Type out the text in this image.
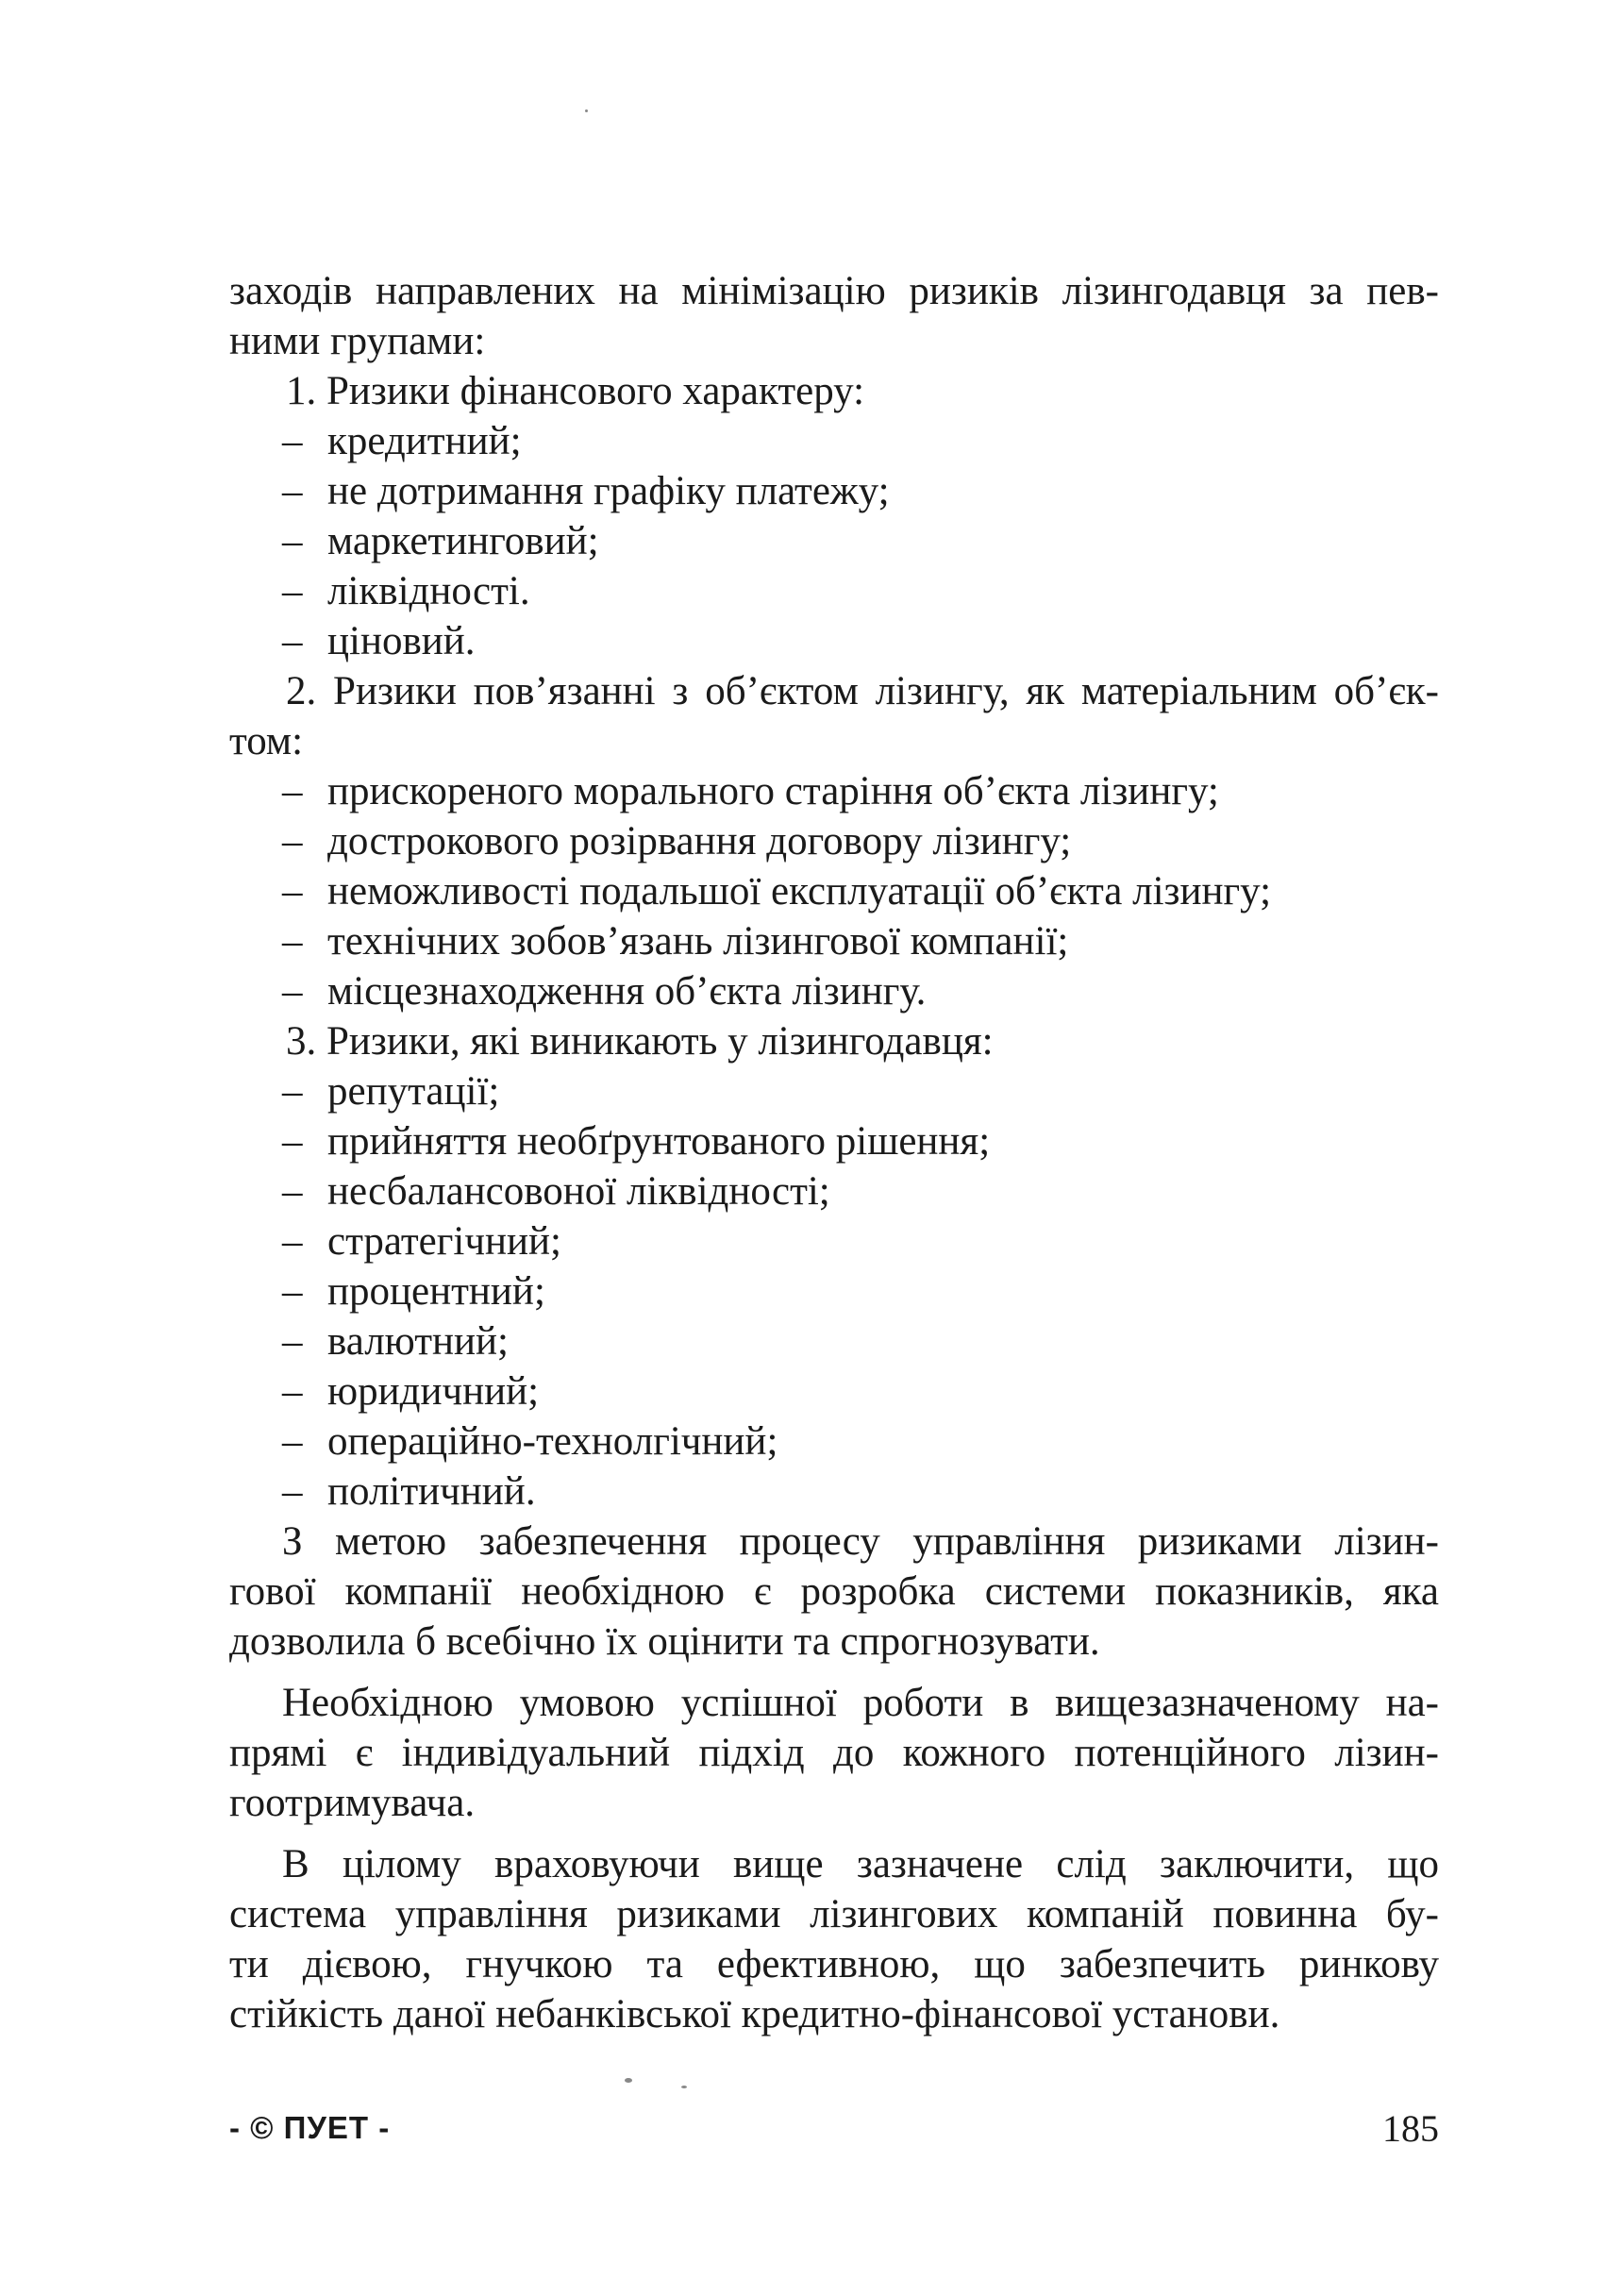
заходів направлених на мінімізацію ризиків лізингодавця за пев-

ними групами:

1. Ризики фінансового характеру:

– кредитний;
– не дотримання графіку платежу;
– маркетинговий;
– ліквідності.
– ціновий.

2. Ризики пов’язанні з об’єктом лізингу, як матеріальним об’єк-

том:

– прискореного морального старіння об’єкта лізингу;
– дострокового розірвання договору лізингу;
– неможливості подальшої експлуатації об’єкта лізингу;
– технічних зобов’язань лізингової компанії;
– місцезнаходження об’єкта лізингу.

3. Ризики, які виникають у лізингодавця:

– репутації;
– прийняття необґрунтованого рішення;
– несбалансовоної ліквідності;
– стратегічний;
– процентний;
– валютний;
– юридичний;
– операційно-технолгічний;
– політичний.

З метою забезпечення процесу управління ризиками лізин-

гової компанії необхідною є розробка системи показників, яка

дозволила б всебічно їх оцінити та спрогнозувати.

Необхідною умовою успішної роботи в вищезазначеному на-

прямі є індивідуальний підхід до кожного потенційного лізин-

гоотримувача.

В цілому враховуючи вище зазначене слід заключити, що

система управління ризиками лізингових компаній повинна бу-

ти дієвою, гнучкою та ефективною, що забезпечить ринкову

стійкість даної небанківської кредитно-фінансової установи.

- © ПУЕТ -	185
